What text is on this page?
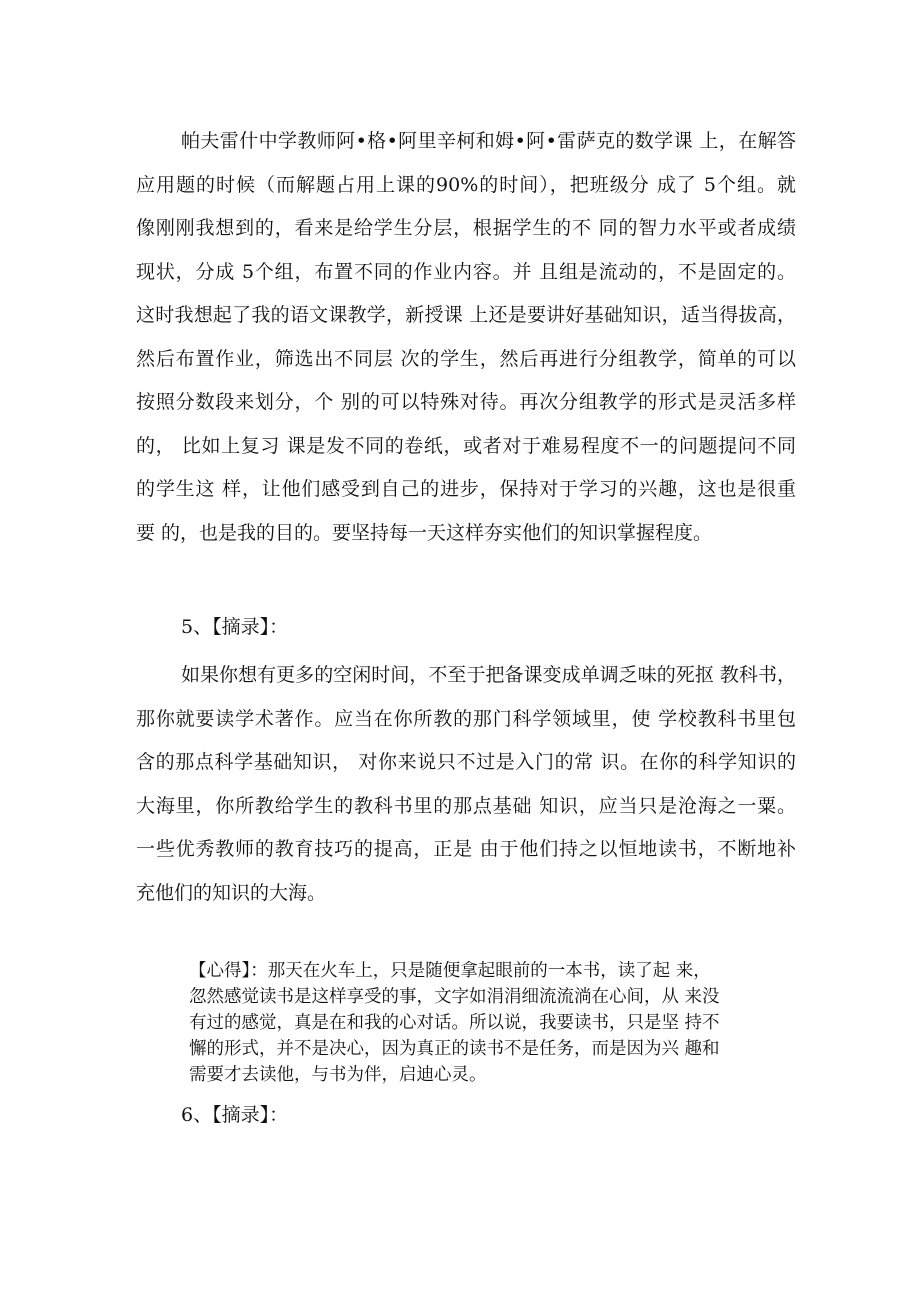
帕夫雷什中学教师阿•格•阿里辛柯和姆•阿•雷萨克的数学课 上，在解答
应用题的时候（而解题占用上课的90%的时间），把班级分 成了 5个组。就
像刚刚我想到的，看来是给学生分层，根据学生的不 同的智力水平或者成绩
现状，分成 5个组，布置不同的作业内容。并 且组是流动的，不是固定的。
这时我想起了我的语文课教学，新授课 上还是要讲好基础知识，适当得拔高，
然后布置作业，筛选出不同层 次的学生，然后再进行分组教学，简单的可以
按照分数段来划分，个 别的可以特殊对待。再次分组教学的形式是灵活多样
的， 比如上复习 课是发不同的卷纸，或者对于难易程度不一的问题提问不同
的学生这 样，让他们感受到自己的进步，保持对于学习的兴趣，这也是很重
要 的，也是我的目的。要坚持每一天这样夯实他们的知识掌握程度。

5、【摘录】：

如果你想有更多的空闲时间，不至于把备课变成单调乏味的死抠 教科书，
那你就要读学术著作。应当在你所教的那门科学领域里，使 学校教科书里包
含的那点科学基础知识， 对你来说只不过是入门的常 识。在你的科学知识的
大海里，你所教给学生的教科书里的那点基础 知识，应当只是沧海之一粟。
一些优秀教师的教育技巧的提高，正是 由于他们持之以恒地读书，不断地补
充他们的知识的大海。
【心得】：那天在火车上，只是随便拿起眼前的一本书，读了起 来，
忽然感觉读书是这样享受的事，文字如涓涓细流流淌在心间，从 来没
有过的感觉，真是在和我的心对话。所以说，我要读书，只是坚 持不
懈的形式，并不是决心，因为真正的读书不是任务，而是因为兴 趣和
需要才去读他，与书为伴，启迪心灵。

6、【摘录】：
